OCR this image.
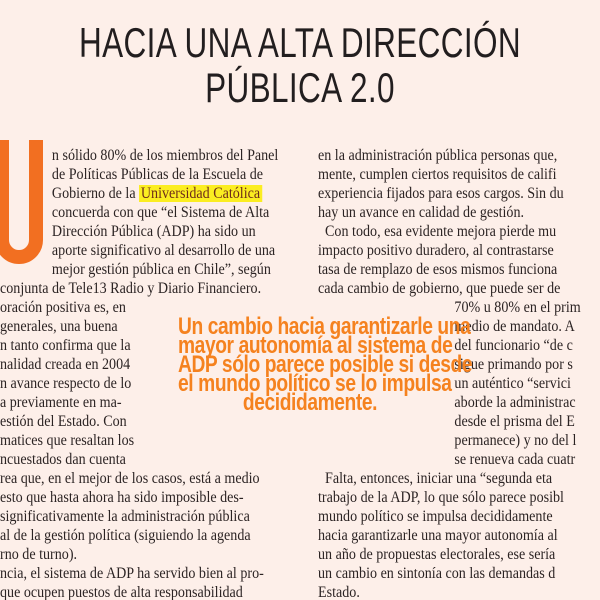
HACIA UNA ALTA DIRECCIÓN
PÚBLICA 2.0
n sólido 80% de los miembros del Panel
de Políticas Públicas de la Escuela de
Gobierno de la Universidad Católica
concuerda con que “el Sistema de Alta
Dirección Pública (ADP) ha sido un
aporte significativo al desarrollo de una
mejor gestión pública en Chile”, según
conjunta de Tele13 Radio y Diario Financiero.
oración positiva es, en
generales, una buena
n tanto confirma que la
nalidad creada en 2004
n avance respecto de lo
a previamente en ma-
estión del Estado. Con
matices que resaltan los
ncuestados dan cuenta
rea que, en el mejor de los casos, está a medio
esto que hasta ahora ha sido imposible des-
significativamente la administración pública
al de la gestión política (siguiendo la agenda
rno de turno).
ncia, el sistema de ADP ha servido bien al pro-
que ocupen puestos de alta responsabilidad
en la administración pública personas que,
mente, cumplen ciertos requisitos de califi
experiencia fijados para esos cargos. Sin du
hay un avance en calidad de gestión.
Con todo, esa evidente mejora pierde mu
impacto positivo duradero, al contrastarse
tasa de remplazo de esos mismos funciona
cada cambio de gobierno, que puede ser de
70% u 80% en el prim
medio de mandato. A
del funcionario “de c
sigue primando por s
un auténtico “servici
aborde la administrac
desde el prisma del E
permanece) y no del l
se renueva cada cuatr
Falta, entonces, iniciar una “segunda eta
trabajo de la ADP, lo que sólo parece posibl
mundo político se impulsa decididamente
hacia garantizarle una mayor autonomía al
un año de propuestas electorales, ese sería
un cambio en sintonía con las demandas d
Estado.
Un cambio hacia garantizarle una
mayor autonomía al sistema de
ADP sólo parece posible si desde
el mundo político se lo impulsa
decididamente.
